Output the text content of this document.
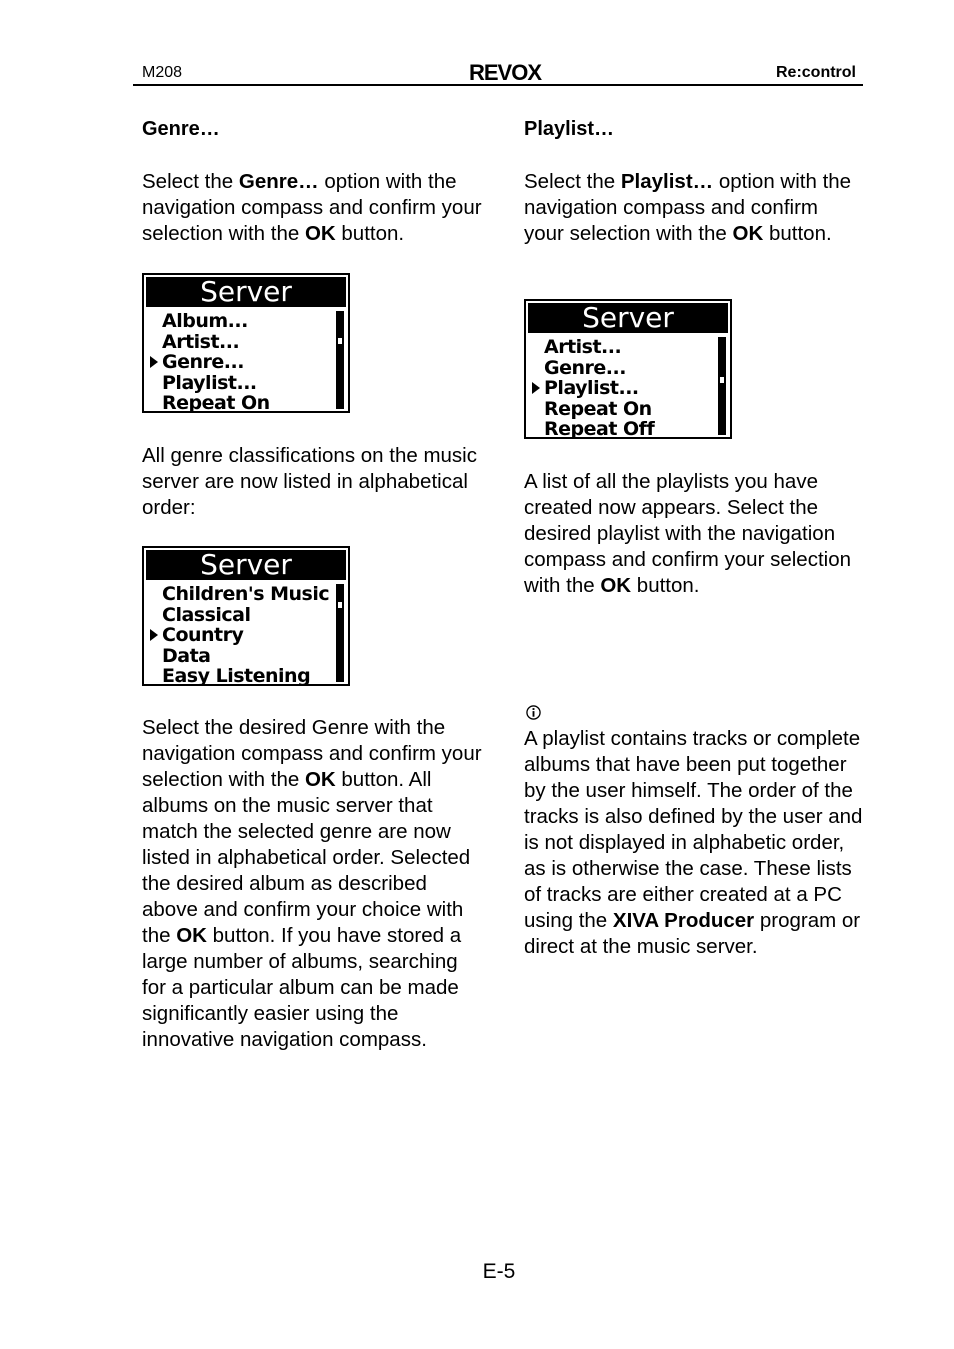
M208	REVOX	Re:control
Genre…
Select the Genre… option with the navigation compass and confirm your selection with the OK button.
Server
Album...
Artist...
Genre...
Playlist...
Repeat On
All genre classifications on the music server are now listed in alphabetical order:
Server
Children's Music
Classical
Country
Data
Easy Listening
Select the desired Genre with the navigation compass and confirm your selection with the OK button. All albums on the music server that match the selected genre are now listed in alphabetical order. Selected the desired album as described above and confirm your choice with the OK button. If you have stored a large number of albums, searching for a particular album can be made significantly easier using the innovative navigation compass.
Playlist…
Select the Playlist… option with the navigation compass and confirm your selection with the OK button.
Server
Artist...
Genre...
Playlist...
Repeat On
Repeat Off
A list of all the playlists you have created now appears. Select the desired playlist with the navigation compass and confirm your selection with the OK button.
A playlist contains tracks or complete albums that have been put together by the user himself. The order of the tracks is also defined by the user and is not displayed in alphabetic order, as is otherwise the case. These lists of tracks are either created at a PC using the XIVA Producer program or direct at the music server.
E-5
